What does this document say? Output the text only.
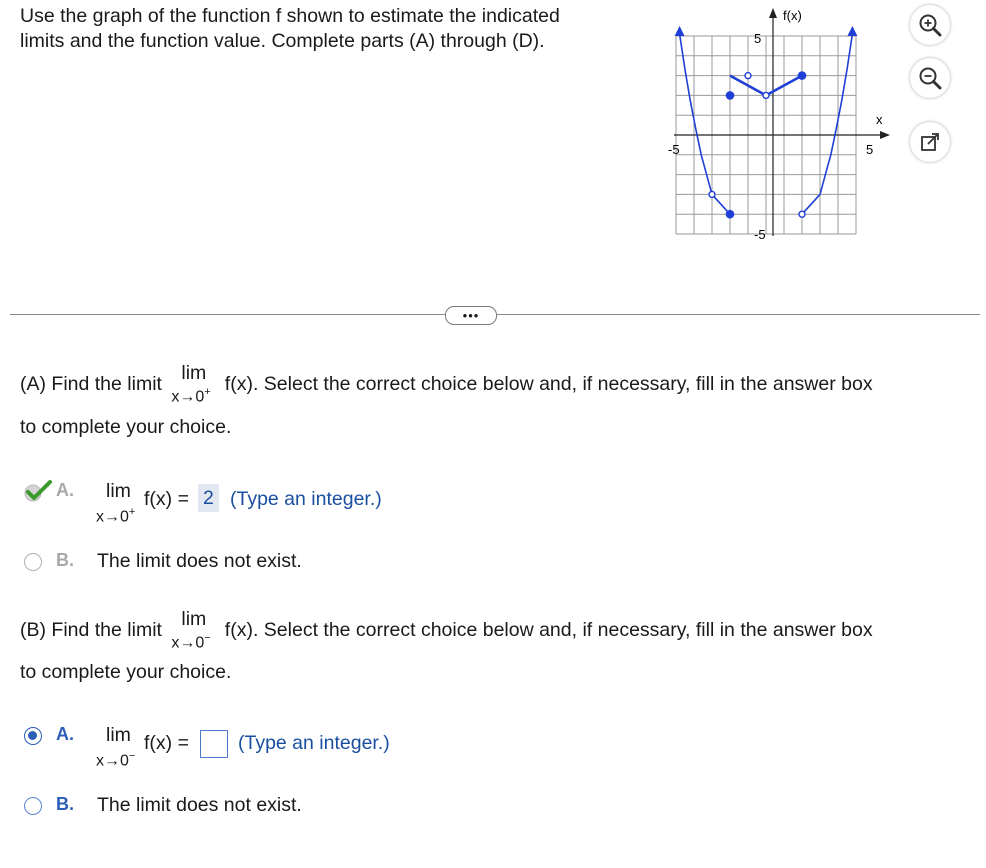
Use the graph of the function f shown to estimate the indicated
limits and the function value. Complete parts (A) through (D).
f(x)
x
5
-5
-5	5
•••
(A) Find the limit lim
x→0+ f(x). Select the correct choice below and, if necessary, fill in the answer box
to complete your choice.
A. lim
x→0+
f(x) = 2 (Type an integer.)
B. The limit does not exist.
(B) Find the limit lim
x→0− f(x). Select the correct choice below and, if necessary, fill in the answer box
to complete your choice.
A. lim
x→0−
f(x) =	(Type an integer.)
B. The limit does not exist.
